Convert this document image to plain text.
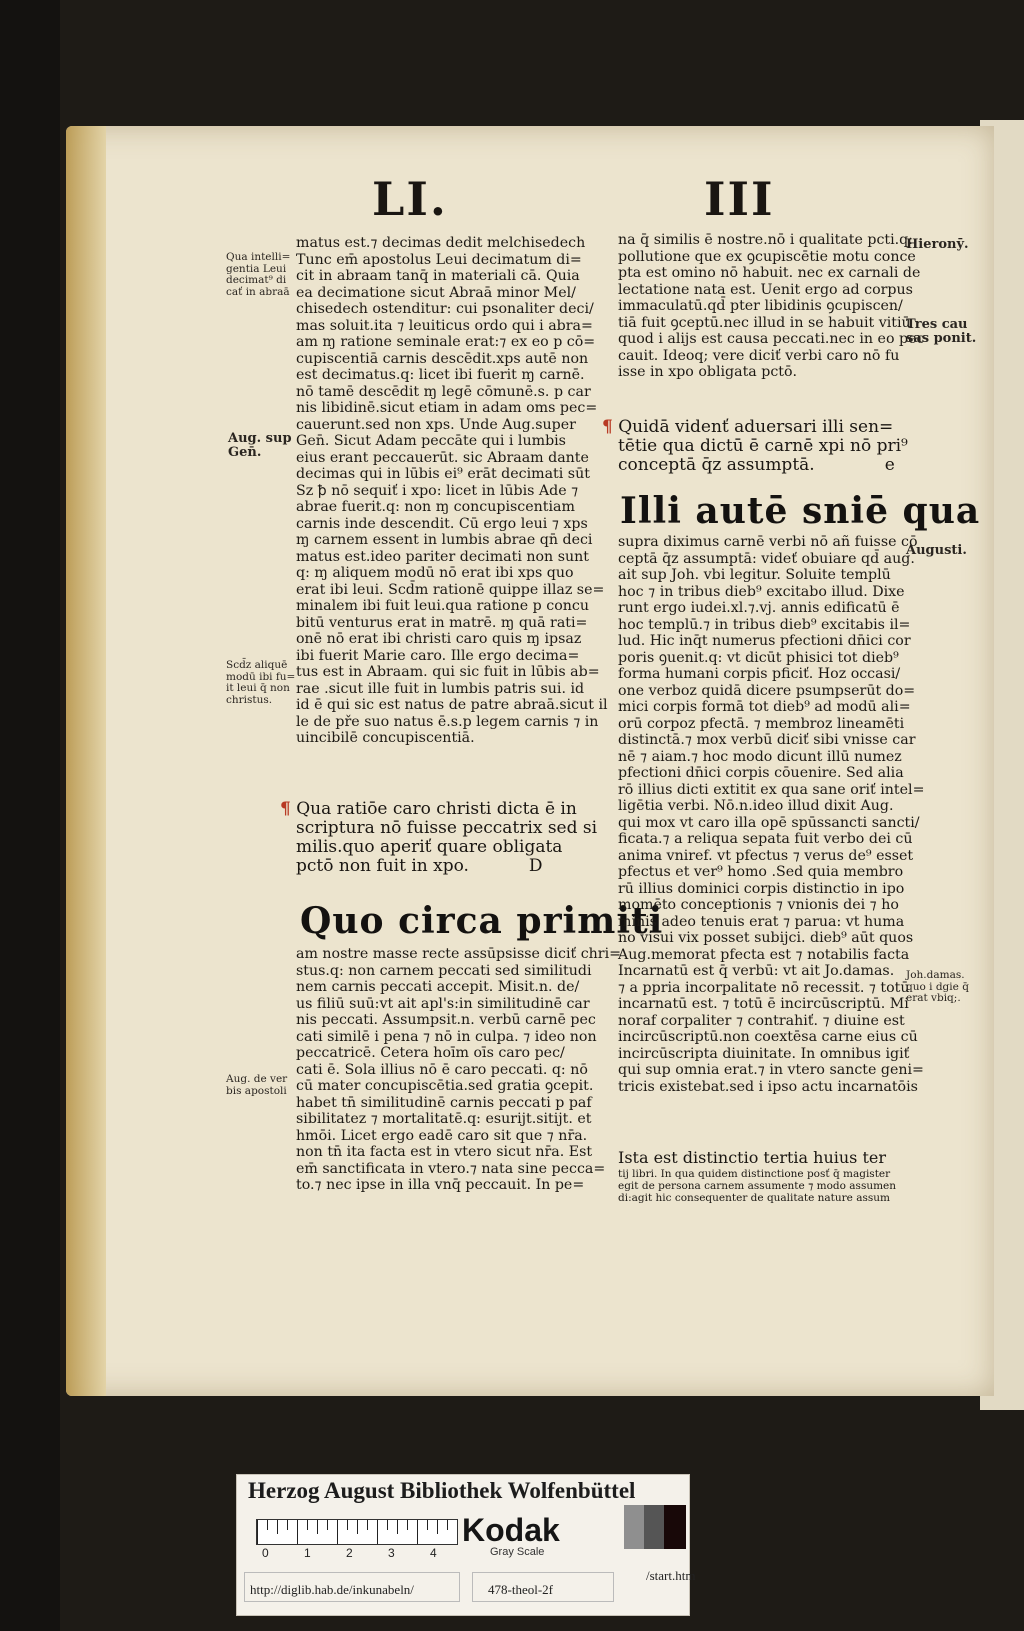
LI.	III

matus est.⁊ decimas dedit melchisedech

Tunc em̄ apostolus Leui decimatum di=

cit in abraam tanq̄ in materiali cā. Quia

ea decimatione sicut Abraā minor Mel/

chisedech ostenditur: cui psonaliter deci/

mas soluit.ita ⁊ leuiticus ordo qui i abra=

am ɱ ratione seminale erat:⁊ ex eo p cō=

cupiscentiā carnis descēdit.xps autē non

est decimatus.q: licet ibi fuerit ɱ carnē.

nō tamē descēdit ɱ legē cōmunē.s. p car

nis libidinē.sicut etiam in adam oms pec=

cauerunt.sed non xps. Unde Aug.super

Gen̄. Sicut Adam peccāte qui i lumbis

eius erant peccauerūt. sic Abraam dante

decimas qui in lūbis ei⁹ erāt decimati sūt

Sz ꝥ nō sequiť i xpo: licet in lūbis Ade ⁊

abrae fuerit.q: non ɱ concupiscentiam

carnis inde descendit. Cū ergo leui ⁊ xps

ɱ carnem essent in lumbis abrae qn̄ deci

matus est.ideo pariter decimati non sunt

q: ɱ aliquem modū nō erat ibi xps quo

erat ibi leui. Scd̄m rationē quippe illaz se=

minalem ibi fuit leui.qua ratione p concu

bitū venturus erat in matrē. ɱ quā rati=

onē nō erat ibi christi caro quis ɱ ipsaz

ibi fuerit Marie caro. Ille ergo decima=

tus est in Abraam. qui sic fuit in lūbis ab=

rae .sicut ille fuit in lumbis patris sui. id

id ē qui sic est natus de patre abraā.sicut il

le de pře suo natus ē.s.p legem carnis ⁊ in

uincibilē concupiscentiā.

¶ Qua ratiōe caro christi dicta ē in
scriptura nō fuisse peccatrix sed si
milis.quo aperiť quare obligata
pctō non fuit in xpo.	D
Quo circa primiti

am nostre masse recte assūpsisse diciť chri=

stus.q: non carnem peccati sed similitudi

nem carnis peccati accepit. Misit.n. de/

us filiū suū:vt ait apl's:in similitudinē car

nis peccati. Assumpsit.n. verbū carnē pec

cati similē i pena ⁊ nō in culpa. ⁊ ideo non

peccatricē. Cetera hoīm oīs caro pec/

cati ē. Sola illius nō ē caro peccati. q: nō

cū mater concupiscētia.sed gratia ꝯcepit.

habet tn̄ similitudinē carnis peccati p paf

sibilitatez ⁊ mortalitatē.q: esurijt.sitijt. et

hmōi. Licet ergo eadē caro sit que ⁊ nr̄a.

non tn̄ ita facta est in vtero sicut nr̄a. Est

em̄ sanctificata in vtero.⁊ nata sine pecca=

to.⁊ nec ipse in illa vnq̄ peccauit. In pe=

Qua intelli=
gentia Leui
decimat⁹ di
cať in abraā
Aug. sup
Gen̄.
Scd̄z aliquē
modū ibi fu=
it leui q̄ non
christus.
Aug. de ver
bis apostoli

na q̄ similis ē nostre.nō i qualitate pcti.q:

pollutione que ex ꝯcupiscētie motu conce

pta est omino nō habuit. nec ex carnali de

lectatione nata est. Uenit ergo ad corpus

immaculatū.qd̄ pter libidinis ꝯcupiscen/

tiā fuit ꝯceptū.nec illud in se habuit vitiū

quod i alijs est causa peccati.nec in eo pec

cauit. Ideoq; vere diciť verbi caro nō fu

isse in xpo obligata pctō.

¶ Quidā videnť aduersari illi sen=
tētie qua dictū ē carnē xpi nō pri⁹
conceptā q̄z assumptā.	e
Illi autē sniē qua

supra diximus carnē verbi nō añ fuisse cō

ceptā q̄z assumptā: videť obuiare qd̄ aug.

ait sup Joh. vbi legitur. Soluite templū

hoc ⁊ in tribus dieb⁹ excitabo illud. Dixe

runt ergo iudei.xl.⁊.vj. annis edificatū ē

hoc templū.⁊ in tribus dieb⁹ excitabis il=

lud. Hic inq̄t numerus pfectioni dn̄ici cor

poris ꝯuenit.q: vt dicūt phisici tot dieb⁹

forma humani corpis pficiť. Hoz occasi/

one verboz quidā dicere psumpserūt do=

mici corpis formā tot dieb⁹ ad modū ali=

orū corpoz pfectā. ⁊ membroz lineamēti

distinctā.⁊ mox verbū diciť sibi vnisse car

nē ⁊ aiam.⁊ hoc modo dicunt illū numez

pfectioni dn̄ici corpis cōuenire. Sed alia

rō illius dicti extitit ex qua sane oriť intel=

ligētia verbi. Nō.n.ideo illud dixit Aug.

qui mox vt caro illa opē spūssancti sancti/

ficata.⁊ a reliqua sepata fuit verbo dei cū

anima vniref. vt pfectus ⁊ verus de⁹ esset

pfectus et ver⁹ homo .Sed quia membro

rū illius dominici corpis distinctio in ipo

momēto conceptionis ⁊ vnionis dei ⁊ ho

minis adeo tenuis erat ⁊ parua: vt huma

no visui vix posset subijci. dieb⁹ aūt quos

Aug.memorat pfecta est ⁊ notabilis facta

Incarnatū est q̄ verbū: vt ait Jo.damas.

⁊ a ppria incorpalitate nō recessit. ⁊ totū

incarnatū est. ⁊ totū ē incircūscriptū. Mi

noraf corpaliter ⁊ contrahiť. ⁊ diuine est

incircūscriptū.non coextēsa carne eius cū

incircūscripta diuinitate. In omnibus igiť

qui sup omnia erat.⁊ in vtero sancte geni=

tricis existebat.sed i ipso actu incarnatōis

Ista est distinctio tertia huius ter
tij libri. In qua quidem distinctione posť q̄ magister
egit de persona carnem assumente ⁊ modo assumen
di:agit hic consequenter de qualitate nature assum
Hieronȳ.
Tres cau
sas ponit.
Augusti.
Joh.damas.
quo i dgie q̄
erat vbiq;.
Herzog August Bibliothek Wolfenbüttel
0	1	2	3	4
Kodak
Gray Scale
http://diglib.hab.de/inkunabeln/	478-theol-2f
/start.htm
